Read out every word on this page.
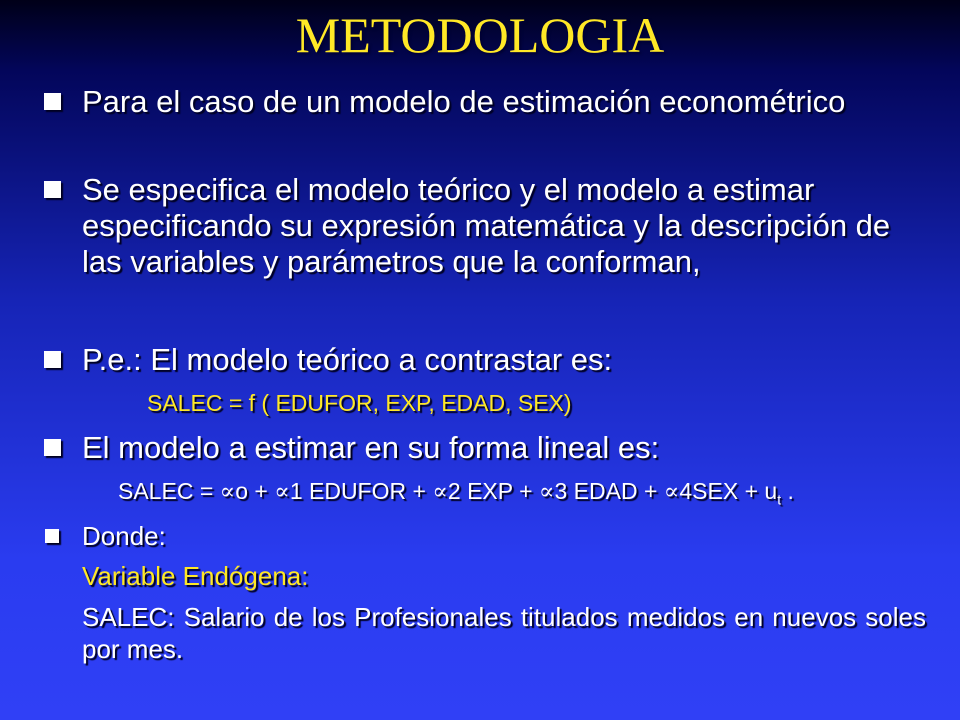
METODOLOGIA
Para el caso de un modelo de estimación econométrico
Se especifica el modelo teórico y el modelo a estimar especificando su expresión matemática y la descripción de las variables y parámetros que la conforman,
P.e.: El modelo teórico a contrastar es:
SALEC = f ( EDUFOR, EXP, EDAD, SEX)
El modelo a estimar en su forma lineal es:
SALEC = ∝o + ∝1 EDUFOR + ∝2 EXP + ∝3 EDAD + $\propto 4SEX + u_t$ .
Donde:
Variable Endógena:
SALEC: Salario de los Profesionales titulados medidos en nuevos soles por mes.
